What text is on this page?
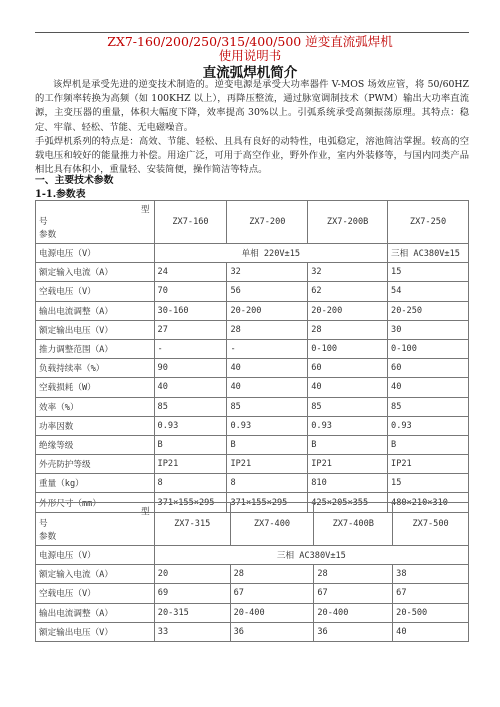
ZX7-160/200/250/315/400/500 逆变直流弧焊机
使用说明书
直流弧焊机简介

该焊机是承受先进的逆变技术制造的。逆变电源是承受大功率器件 V-MOS 场效应管，将 50/60HZ 的工作频率转换为高频（如 100KHZ 以上），再降压整流，通过脉宽调制技术（PWM）输出大功率直流源，主变压器的重量，体积大幅度下降，效率提高 30%以上。引弧系统承受高频振荡原理。其特点：稳定、牢靠、轻松、节能、无电磁噪音。

手弧焊机系列的特点是：高效、节能、轻松、且具有良好的动特性，电弧稳定，溶池简洁掌握。较高的空载电压和较好的能量推力补偿。用途广泛，可用于高空作业，野外作业，室内外装修等，与国内同类产品相比具有体积小，重量轻、安装简便，操作简洁等特点。

一、主要技术参数
1-1.参数表
型
号
参数	ZX7-160	ZX7-200	ZX7-200B	ZX7-250
电源电压（V）	单相 220V±15			三相 AC380V±15
额定输入电流（A）	24	32	32	15
空载电压（V）	70	56	62	54
输出电流调整（A）	30-160	20-200	20-200	20-250
额定输出电压（V）	27	28	28	30
推力调整范围（A）	-	-	0-100	0-100
负载持续率（%）	90	40	60	60
空载损耗（W）	40	40	40	40
效率（%）	85	85	85	85
功率因数	0.93	0.93	0.93	0.93
绝缘等级	B	B	B	B
外壳防护等级	IP21	IP21	IP21	IP21
重量（kg）	8	8	810	15
外形尺寸（mm）	371×155×295	371×155×295	425×205×355	480×210×310
型
号
参数	ZX7-315	ZX7-400	ZX7-400B	ZX7-500
电源电压（V）	三相 AC380V±15			
额定输入电流（A）	20	28	28	38
空载电压（V）	69	67	67	67
输出电流调整（A）	20-315	20-400	20-400	20-500
额定输出电压（V）	33	36	36	40
